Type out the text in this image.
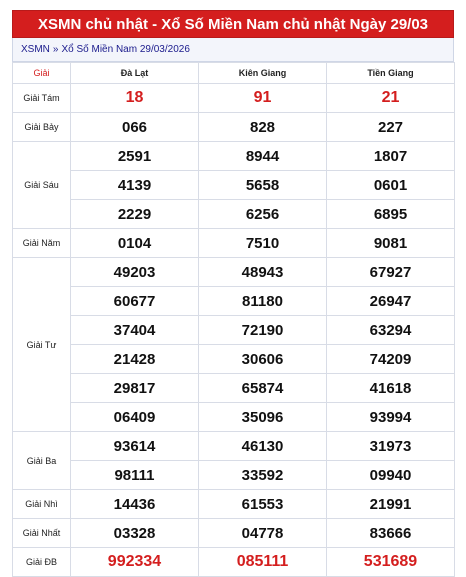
XSMN chủ nhật - Xổ Số Miền Nam chủ nhật Ngày 29/03
XSMN » Xổ Số Miền Nam 29/03/2026
Giải	Đà Lạt	Kiên Giang	Tiền Giang
Giải Tám	18	91	21
Giải Bảy	066	828	227
Giải Sáu	2591	8944	1807
	4139	5658	0601
	2229	6256	6895
Giải Năm	0104	7510	9081
Giải Tư	49203	48943	67927
	60677	81180	26947
	37404	72190	63294
	21428	30606	74209
	29817	65874	41618
	06409	35096	93994
Giải Ba	93614	46130	31973
	98111	33592	09940
Giải Nhì	14436	61553	21991
Giải Nhất	03328	04778	83666
Giải ĐB	992334	085111	531689
